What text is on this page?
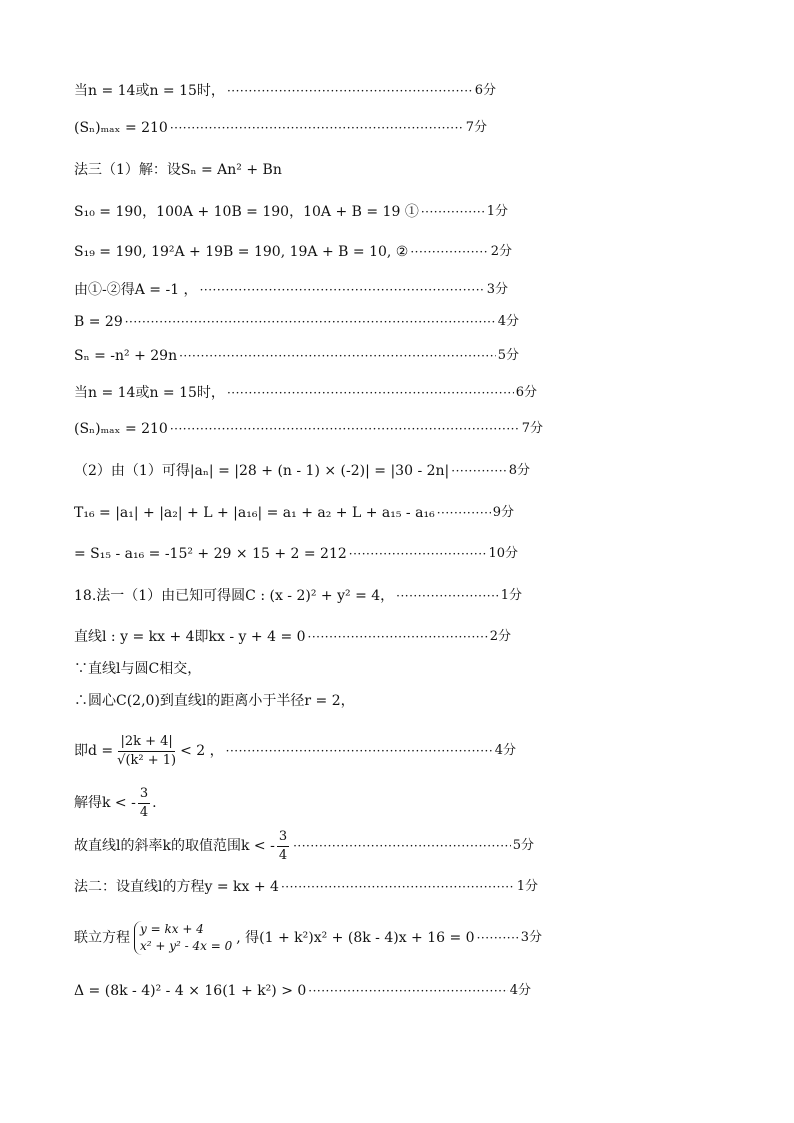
当n = 14或n = 15时， ·····	6分
(Sₙ)ₘₐₓ = 210 ·····	7分
法三（1）解：设Sₙ = An² + Bn
S₁₀ = 190，100A + 10B = 190，10A + B = 19 ① ·····	1分
S₁₉ = 190, 19²A + 19B = 190, 19A + B = 10, ② ·····	2分
由①-②得A = -1 ， ·····	3分
B = 29 ·····	4分
Sₙ = -n² + 29n ·····	5分
当n = 14或n = 15时， ·····	6分
(Sₙ)ₘₐₓ = 210 ·····	7分
（2）由（1）可得|aₙ| = |28 + (n - 1) × (-2)| = |30 - 2n| ·····	8分
T₁₆ = |a₁| + |a₂| + L + |a₁₆| = a₁ + a₂ + L + a₁₅ - a₁₆ ·····	9分
= S₁₅ - a₁₆ = -15² + 29 × 15 + 2 = 212 ·····	10分
18.法一（1）由已知可得圆C : (x - 2)² + y² = 4， ·····	1分
直线l : y = kx + 4即kx - y + 4 = 0 ·····	2分
∵直线l与圆C相交，
∴圆心C(2,0)到直线l的距离小于半径r = 2，
即$d = \frac{|2k + 4|}{\text{√(k² + 1)}} < 2$ ， ·····	4分
解得k < - $\frac{3}{4}$ .
故直线l的斜率k的取值范围k < - $\frac{3}{4}$ ·····	5分
法二：设直线l的方程y = kx + 4 ·····	1分
联立方程
y = kx + 4
x² + y² - 4x = 0 , 得(1 + k²)x² + (8k - 4)x + 16 = 0 ·····	3分
Δ = (8k - 4)² - 4 × 16(1 + k²) > 0 ·····	4分
